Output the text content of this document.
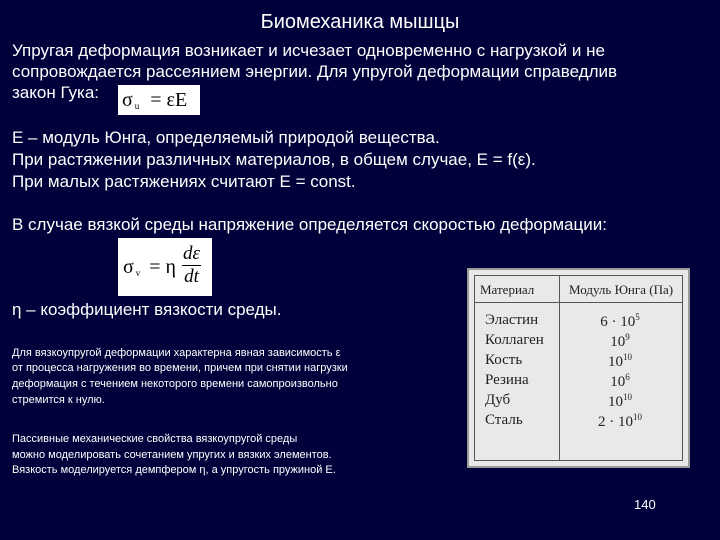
Биомеханика мышцы
Упругая деформация возникает и исчезает одновременно с нагрузкой и не
сопровождается рассеянием энергии. Для упругой деформации справедлив
закон Гука: σ $_u$ = εE
E – модуль Юнга, определяемый природой вещества.
При растяжении различных материалов, в общем случае, E = f(ε).
При малых растяжениях считают E = const.
В случае вязкой среды напряжение определяется скоростью деформации:
σ $_v$ = η $\frac{d\varepsilon}{dt}$
η – коэффициент вязкости среды.
Для вязкоупругой деформации характерна явная зависимость ε
от процесса нагружения во времени, причем при снятии нагрузки
деформация с течением некоторого времени самопроизвольно
стремится к нулю.
Пассивные механические свойства вязкоупругой среды
можно моделировать сочетанием упругих и вязких элементов.
Вязкость моделируется демпфером η, а упругость пружиной E.
Материал	Модуль Юнга (Па)
Эластин	$6 \cdot 10^5$
Коллаген	$10^9$
Кость	$10^{10}$
Резина	$10^6$
Дуб	$10^{10}$
Сталь	$2 \cdot 10^{10}$
140
